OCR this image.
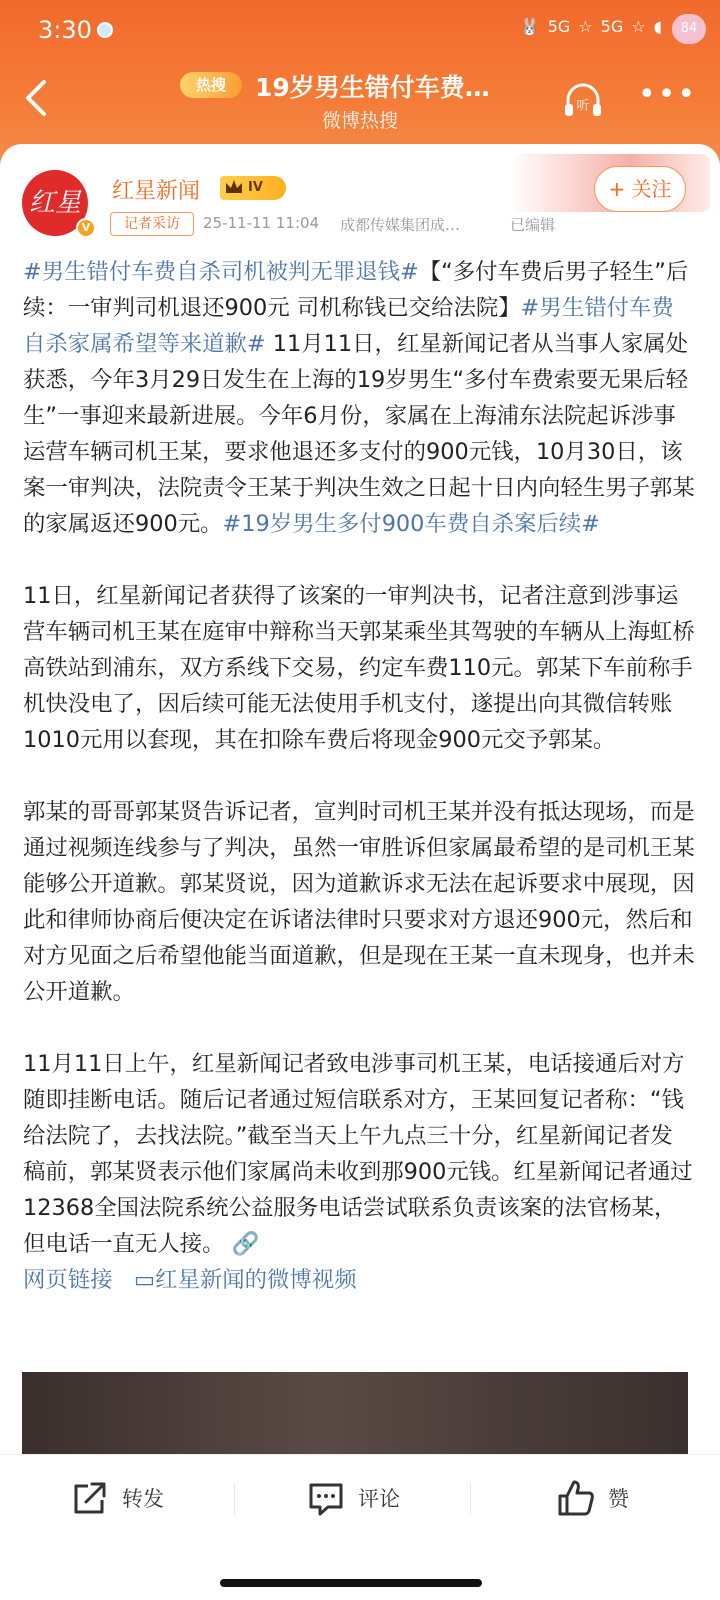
3:30	🐰 5G ☆ 5G ☆ ◖	84
热搜	19岁男生错付车费…
微博热搜
听 •••
红星
V
红星新闻	IV
记者采访	25-11-11 11:04 成都传媒集团成…	已编辑
+ 关注

#男生错付车费自杀司机被判无罪退钱#【“多付车费后男子轻生”后续：一审判司机退还900元 司机称钱已交给法院】#男生错付车费自杀家属希望等来道歉# 11月11日，红星新闻记者从当事人家属处获悉，今年3月29日发生在上海的19岁男生“多付车费索要无果后轻生”一事迎来最新进展。今年6月份，家属在上海浦东法院起诉涉事运营车辆司机王某，要求他退还多支付的900元钱，10月30日，该案一审判决，法院责令王某于判决生效之日起十日内向轻生男子郭某的家属返还900元。#19岁男生多付900车费自杀案后续#

11日，红星新闻记者获得了该案的一审判决书，记者注意到涉事运营车辆司机王某在庭审中辩称当天郭某乘坐其驾驶的车辆从上海虹桥高铁站到浦东，双方系线下交易，约定车费110元。郭某下车前称手机快没电了，因后续可能无法使用手机支付，遂提出向其微信转账1010元用以套现，其在扣除车费后将现金900元交予郭某。

郭某的哥哥郭某贤告诉记者，宣判时司机王某并没有抵达现场，而是通过视频连线参与了判决，虽然一审胜诉但家属最希望的是司机王某能够公开道歉。郭某贤说，因为道歉诉求无法在起诉要求中展现，因此和律师协商后便决定在诉诸法律时只要求对方退还900元，然后和对方见面之后希望他能当面道歉，但是现在王某一直未现身，也并未公开道歉。

11月11日上午，红星新闻记者致电涉事司机王某，电话接通后对方随即挂断电话。随后记者通过短信联系对方，王某回复记者称：“钱给法院了，去找法院。”截至当天上午九点三十分，红星新闻记者发稿前，郭某贤表示他们家属尚未收到那900元钱。红星新闻记者通过12368全国法院系统公益服务电话尝试联系负责该案的法官杨某，但电话一直无人接。 🔗

网页链接 ▭红星新闻的微博视频

转发	评论	赞
